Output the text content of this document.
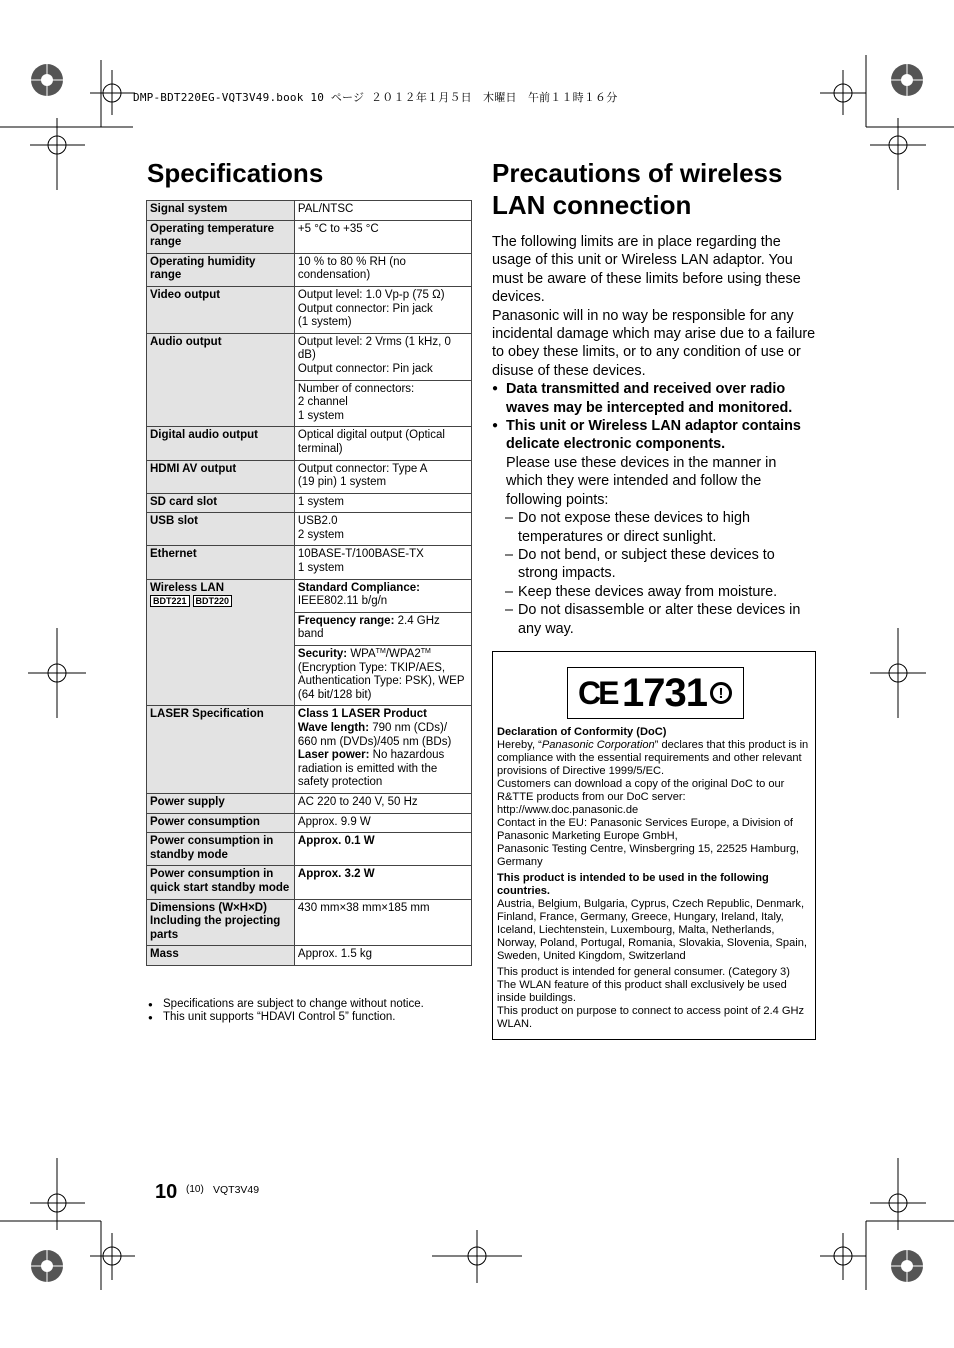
DMP-BDT220EG-VQT3V49.book 10 ページ ２０１２年１月５日　木曜日　午前１１時１６分
Specifications
Signal system	PAL/NTSC

Operating temperature range	+5 °C to +35 °C

Operating humidity range	10 % to 80 % RH (no condensation)

Video output	Output level: 1.0 Vp-p (75 Ω)
Output connector: Pin jack
(1 system)

Audio output	Output level: 2 Vrms (1 kHz, 0 dB)
Output connector: Pin jack

	Number of connectors:
2 channel
1 system

Digital audio output	Optical digital output (Optical terminal)

HDMI AV output	Output connector: Type A
(19 pin) 1 system

SD card slot	1 system

USB slot	USB2.0
2 system

Ethernet	10BASE-T/100BASE-TX
1 system

Wireless LAN
BDT221 BDT220	Standard Compliance:
IEEE802.11 b/g/n
	Frequency range: 2.4 GHz band
	Security: WPA™/WPA2™
(Encryption Type: TKIP/AES, Authentication Type: PSK), WEP (64 bit/128 bit)
LASER Specification	Class 1 LASER Product
Wave length: 790 nm (CDs)/ 660 nm (DVDs)/405 nm (BDs)
Laser power: No hazardous radiation is emitted with the safety protection
Power supply	AC 220 to 240 V, 50 Hz
Power consumption	Approx. 9.9 W
Power consumption in standby mode	Approx. 0.1 W
Power consumption in quick start standby mode	Approx. 3.2 W
Dimensions (W×H×D) Including the projecting parts	430 mm×38 mm×185 mm
Mass	Approx. 1.5 kg
● Specifications are subject to change without notice.
● This unit supports “HDAVI Control 5” function.
Precautions of wireless LAN connection

The following limits are in place regarding the usage of this unit or Wireless LAN adaptor. You must be aware of these limits before using these devices.

Panasonic will in no way be responsible for any incidental damage which may arise due to a failure to obey these limits, or to any condition of use or disuse of these devices.

● Data transmitted and received over radio waves may be intercepted and monitored.

● This unit or Wireless LAN adaptor contains delicate electronic components.

Please use these devices in the manner in which they were intended and follow the following points:

– Do not expose these devices to high temperatures or direct sunlight.

– Do not bend, or subject these devices to strong impacts.

– Keep these devices away from moisture.

– Do not disassemble or alter these devices in any way.

CE 1731 !

Declaration of Conformity (DoC)

Hereby, “Panasonic Corporation” declares that this product is in compliance with the essential requirements and other relevant provisions of Directive 1999/5/EC.

Customers can download a copy of the original DoC to our R&TTE products from our DoC server:

http://www.doc.panasonic.de

Contact in the EU: Panasonic Services Europe, a Division of Panasonic Marketing Europe GmbH,

Panasonic Testing Centre, Winsbergring 15, 22525 Hamburg, Germany

This product is intended to be used in the following countries.

Austria, Belgium, Bulgaria, Cyprus, Czech Republic, Denmark, Finland, France, Germany, Greece, Hungary, Ireland, Italy, Iceland, Liechtenstein, Luxembourg, Malta, Netherlands, Norway, Poland, Portugal, Romania, Slovakia, Slovenia, Spain, Sweden, United Kingdom, Switzerland

This product is intended for general consumer. (Category 3)

The WLAN feature of this product shall exclusively be used inside buildings.

This product on purpose to connect to access point of 2.4 GHz WLAN.

10 (10) VQT3V49
